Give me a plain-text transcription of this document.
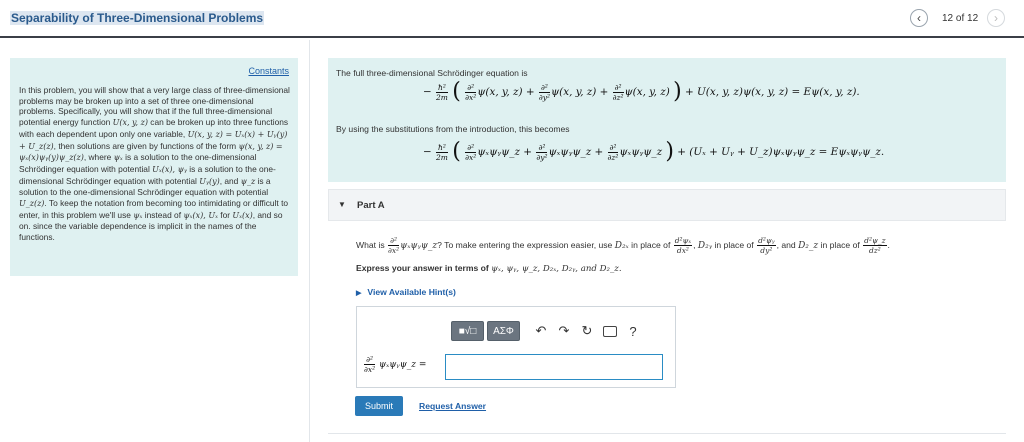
Separability of Three-Dimensional Problems	‹	12 of 12	›
Constants
In this problem, you will show that a very large class of three-dimensional problems may be broken up into a set of three one-dimensional problems. Specifically, you will show that if the full three-dimensional potential energy function U(x, y, z) can be broken up into three functions with each dependent upon only one variable, U(x, y, z) = Uₓ(x) + Uᵧ(y) + U_z(z), then solutions are given by functions of the form ψ(x, y, z) = ψₓ(x)ψᵧ(y)ψ_z(z), where ψₓ is a solution to the one-dimensional Schrödinger equation with potential Uₓ(x), ψᵧ is a solution to the one-dimensional Schrödinger equation with potential Uᵧ(y), and ψ_z is a solution to the one-dimensional Schrödinger equation with potential U_z(z). To keep the notation from becoming too intimidating or difficult to enter, in this problem we'll use ψₓ instead of ψₓ(x), Uₓ for Uₓ(x), and so on. since the variable dependence is implicit in the names of the functions.
The full three-dimensional Schrödinger equation is
− $\frac{\text{ħ²}}{2m}$ ( $\frac{\text{∂²}}{\text{∂x²}} \psi(x$, y, $z) + \frac{\text{∂²}}{\text{∂y²}} \psi(x$, y, $z) + \frac{\text{∂²}}{\text{∂z²}} \psi(x$, y, z) ) + U(x, y, z)ψ(x, y, z) = Eψ(x, y, z).
By using the substitutions from the introduction, this becomes
− $\frac{\text{ħ²}}{2m}$ ( $\frac{\text{∂²}}{\text{∂x²}}$ ψₓψᵧψ_z + $\frac{\text{∂²}}{\text{∂y²}}$ ψₓψᵧψ_z + $\frac{\text{∂²}}{\text{∂z²}}$ ψₓψᵧψ_z ) + (Uₓ + Uᵧ + U_z)ψₓψᵧψ_z = Eψₓψᵧψ_z.
▼ Part A
What is $\frac{\text{∂²}}{\text{∂x²}}$ ψₓψᵧψ_z? To make entering the expression easier, use D₂ₓ in place of $\frac{\text{d²ψₓ}}{\text{dx²}}$ , D₂ᵧ in place of $\frac{\text{d²ψᵧ}}{\text{dy²}}$ , and D₂_z in place of $\frac{\text{d²ψ\_z}}{\text{dz²}}$ .
Express your answer in terms of ψₓ, ψᵧ, ψ_z, D₂ₓ, D₂ᵧ, and D₂_z.
▶ View Available Hint(s)
■√□	ΑΣΦ	↶ ↷ ↻	?
$\frac{\text{∂²}}{\text{∂x²}}$ ψₓψᵧψ_z =
Submit	Request Answer
